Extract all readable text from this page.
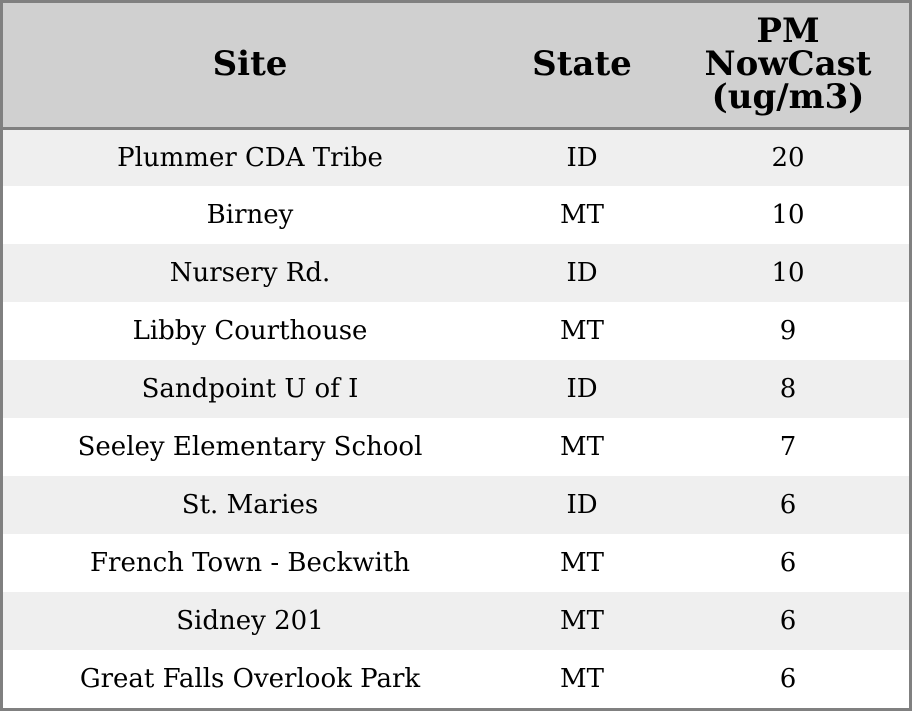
Site	State	PM
NowCast
(ug/m3)

Plummer CDA Tribe	ID	20
Birney	MT	10
Nursery Rd.	ID	10
Libby Courthouse	MT	9
Sandpoint U of I	ID	8
Seeley Elementary School	MT	7
St. Maries	ID	6
French Town - Beckwith	MT	6
Sidney 201	MT	6
Great Falls Overlook Park	MT	6
